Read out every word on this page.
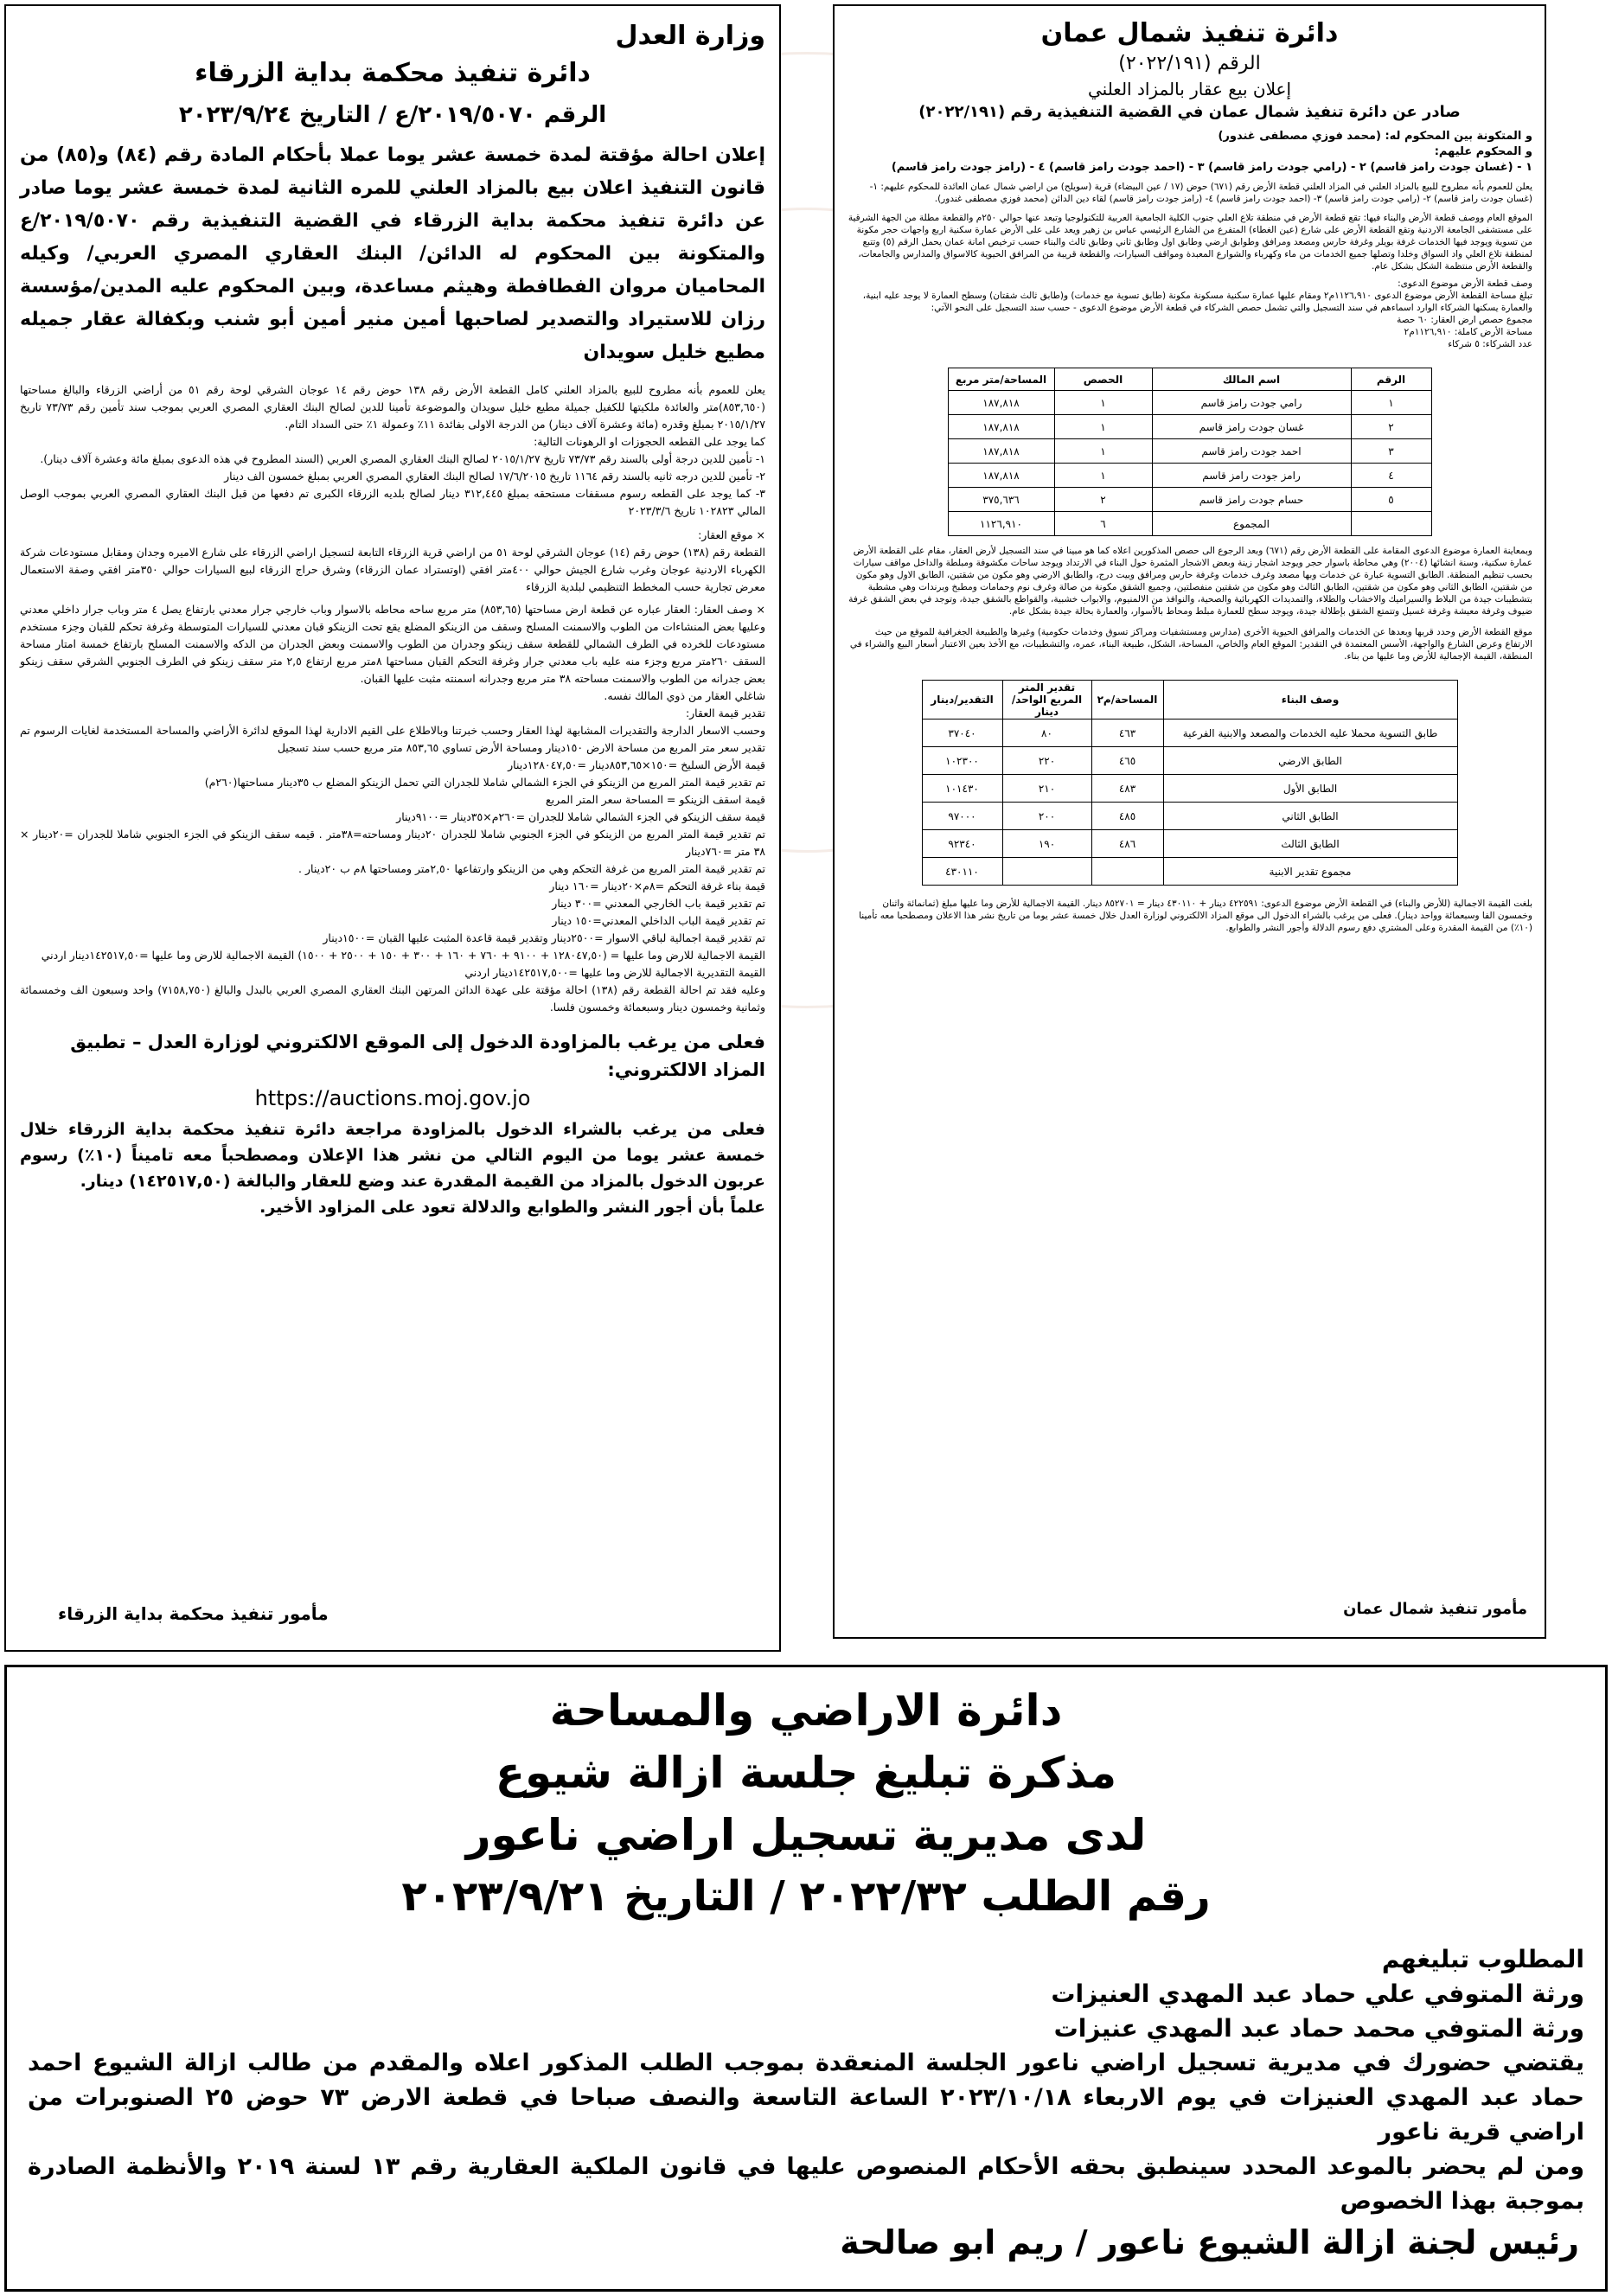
دائرة تنفيذ شمال عمان

الرقم (٢٠٢٢/١٩١)

إعلان بيع عقار بالمزاد العلني

صادر عن دائرة تنفيذ شمال عمان في القضية التنفيذية رقم (٢٠٢٢/١٩١)

و المتكونة بين المحكوم له: (محمد فوزي مصطفى غندور)

و المحكوم عليهم:

١ - (غسان جودت رامز قاسم) ٢ - (رامي جودت رامز قاسم) ٣ - (احمد جودت رامز قاسم) ٤ - (رامز جودت رامز قاسم)

يعلن للعموم بأنه مطروح للبيع بالمزاد العلني في المزاد العلني قطعة الأرض رقم (٦٧١) حوض (١٧ / عين البيضاء) قرية (سويلح) من اراضي شمال عمان العائدة للمحكوم عليهم: ١- (غسان جودت رامز قاسم) ٢- (رامي جودت رامز قاسم) ٣- (احمد جودت رامز قاسم) ٤- (رامز جودت رامز قاسم) لقاء دين الدائن (محمد فوزي مصطفى غندور).

الموقع العام ووصف قطعة الأرض والبناء فيها: تقع قطعة الأرض في منطقة تلاع العلي جنوب الكلية الجامعية العربية للتكنولوجيا وتبعد عنها حوالي ٢٥٠م والقطعة مطلة من الجهة الشرقية على مستشفى الجامعة الاردنية وتقع القطعة الأرض على شارع (عين الغطاء) المتفرع من الشارع الرئيسي عباس بن زهير ويعد على على الأرض عمارة سكنية اربع واجهات حجر مكونة من تسوية ويوجد فيها الخدمات غرفة بويلر وغرفة حارس ومصعد ومرافق وطوابق ارضي وطابق اول وطابق ثاني وطابق ثالث والبناء حسب ترخيص امانة عمان يحمل الرقم (٥) وتتبع لمنطقة تلاع العلي واد السواق وخلدا وتصلها جميع الخدمات من ماء وكهرباء والشوارع المعبدة ومواقف السيارات، والقطعة قريبة من المرافق الحيوية كالاسواق والمدارس والجامعات، والقطعة الأرض منتظمة الشكل بشكل عام.

وصف قطعة الأرض موضوع الدعوى:

تبلغ مساحة القطعة الأرض موضوع الدعوى ١١٢٦,٩١٠م٢ ومقام عليها عمارة سكنية مسكونة مكونة (طابق تسوية مع خدمات) و(طابق ثالث شقتان) وسطح العمارة لا يوجد عليه ابنية، والعمارة يسكنها الشركاء الوارد اسماءهم في سند التسجيل والتي تشمل حصص الشركاء في قطعة الأرض موضوع الدعوى - حسب سند التسجيل على النحو الآتي:

مجموع حصص ارض العقار: ٦٠ حصة

مساحة الأرض كاملة: ١١٢٦,٩١٠م٢

عدد الشركاء: ٥ شركاء

الرقم	اسم المالك	الحصص	المساحة/متر مربع
١	رامي جودت رامز قاسم	١	١٨٧,٨١٨
٢	غسان جودت رامز قاسم	١	١٨٧,٨١٨
٣	احمد جودت رامز قاسم	١	١٨٧,٨١٨
٤	رامز جودت رامز قاسم	١	١٨٧,٨١٨
٥	حسام جودت رامز قاسم	٢	٣٧٥,٦٣٦
	المجموع	٦	١١٢٦,٩١٠

وبمعاينة العمارة موضوع الدعوى المقامة على القطعة الأرض رقم (٦٧١) وبعد الرجوع الى حصص المذكورين اعلاه كما هو مبينا في سند التسجيل لأرض العقار، مقام على القطعة الأرض عمارة سكنية، وسنة انشائها (٢٠٠٤) وهي محاطة باسوار حجر ويوجد اشجار زينة وبعض الاشجار المثمرة حول البناء في الارتداد ويوجد ساحات مكشوفة ومبلطة والداخل مواقف سيارات بحسب تنظيم المنطقة. الطابق التسوية عبارة عن خدمات وبها مصعد وغرف خدمات وغرفة حارس ومرافق وبيت درج، والطابق الارضي وهو مكون من شقتين، الطابق الاول وهو مكون من شقتين، الطابق الثاني وهو مكون من شقتين، الطابق الثالث وهو مكون من شقتين منفصلتين، وجميع الشقق مكونة من صالة وغرف نوم وحمامات ومطبخ وبرندات وهي مشطبة بتشطيبات جيدة من البلاط والسيراميك والاخشاب والطلاء، والتمديدات الكهربائية والصحية، والنوافذ من الالمنيوم، والابواب خشبية، والقواطع بالشقق جيدة، وتوجد في بعض الشقق غرفة ضيوف وغرفة معيشة وغرفة غسيل وتتمتع الشقق بإطلالة جيدة، ويوجد سطح للعمارة مبلط ومحاط بالأسوار، والعمارة بحالة جيدة بشكل عام.

موقع القطعة الأرض وحدد قربها وبعدها عن الخدمات والمرافق الحيوية الأخرى (مدارس ومستشفيات ومراكز تسوق وخدمات حكومية) وغيرها والطبيعة الجغرافية للموقع من حيث الارتفاع وعرض الشارع والواجهة، الأسس المعتمدة في التقدير: الموقع العام والخاص، المساحة، الشكل، طبيعة البناء، عمره، والتشطيبات، مع الأخذ بعين الاعتبار أسعار البيع والشراء في المنطقة، القيمة الإجمالية للأرض وما عليها من بناء.

وصف البناء	المساحة/م٢	تقدير المتر المربع الواحد/دينار	التقدير/دينار
طابق التسوية محملا عليه الخدمات والمصعد والابنية الفرعية	٤٦٣	٨٠	٣٧٠٤٠
الطابق الارضي	٤٦٥	٢٢٠	١٠٢٣٠٠
الطابق الأول	٤٨٣	٢١٠	١٠١٤٣٠
الطابق الثاني	٤٨٥	٢٠٠	٩٧٠٠٠
الطابق الثالث	٤٨٦	١٩٠	٩٢٣٤٠
مجموع تقدير الابنية			٤٣٠١١٠

بلغت القيمة الاجمالية (للأرض والبناء) في القطعة الأرض موضوع الدعوى: ٤٢٢٥٩١ دينار + ٤٣٠١١٠ دينار = ٨٥٢٧٠١ دينار. القيمة الاجمالية للأرض وما عليها مبلغ (ثمانمائة واثنان وخمسون الفا وسبعمائة وواحد دينار). فعلى من يرغب بالشراء الدخول الى موقع المزاد الالكتروني لوزارة العدل خلال خمسة عشر يوما من تاريخ نشر هذا الاعلان ومصطحبا معه تأمينا (١٠٪) من القيمة المقدرة وعلى المشتري دفع رسوم الدلالة وأجور النشر والطوابع.

مأمور تنفيذ شمال عمان

وزارة العدل

دائرة تنفيذ محكمة بداية الزرقاء

الرقم ٢٠١٩/٥٠٧٠/ع / التاريخ ٢٠٢٣/٩/٢٤

إعلان احالة مؤقتة لمدة خمسة عشر يوما عملا بأحكام المادة رقم (٨٤) و(٨٥) من قانون التنفيذ اعلان بيع بالمزاد العلني للمره الثانية لمدة خمسة عشر يوما صادر عن دائرة تنفيذ محكمة بداية الزرقاء في القضية التنفيذية رقم ٢٠١٩/٥٠٧٠/ع والمتكونة بين المحكوم له الدائن/ البنك العقاري المصري العربي/ وكيله المحاميان مروان الفطافطة وهيثم مساعدة، وبين المحكوم عليه المدين/مؤسسة رزان للاستيراد والتصدير لصاحبها أمين منير أمين أبو شنب وبكفالة عقار جميله مطيع خليل سويدان

يعلن للعموم بأنه مطروح للبيع بالمزاد العلني كامل القطعة الأرض رقم ١٣٨ حوض رقم ١٤ عوجان الشرقي لوحة رقم ٥١ من أراضي الزرقاء والبالغ مساحتها (٨٥٣,٦٥٠)متر والعائدة ملكيتها للكفيل جميلة مطيع خليل سويدان والموضوعة تأمينا للدين لصالح البنك العقاري المصري العربي بموجب سند تأمين رقم ٧٣/٧٣ تاريخ ٢٠١٥/١/٢٧ بمبلغ وقدره (مائة وعشرة آلاف دينار) من الدرجة الاولى بفائدة ١١٪ وعمولة ١٪ حتى السداد التام.

كما يوجد على القطعه الحجوزات او الرهونات التالية:

١- تأمين للدين درجة أولى بالسند رقم ٧٣/٧٣ تاريخ ٢٠١٥/١/٢٧ لصالح البنك العقاري المصري العربي (السند المطروح في هذه الدعوى بمبلغ مائة وعشرة آلاف دينار).

٢- تأمين للدين درجه ثانيه بالسند رقم ١١٦٤ تاريخ ١٧/٦/٢٠١٥ لصالح البنك العقاري المصري العربي بمبلغ خمسون الف دينار

٣- كما يوجد على القطعه رسوم مسقفات مستحقه بمبلغ ٣١٢,٤٤٥ دينار لصالح بلديه الزرقاء الكبرى تم دفعها من قبل البنك العقاري المصري العربي بموجب الوصل المالي ١٠٢٨٢٣ تاريخ ٢٠٢٣/٣/٦

× موقع العقار:

القطعة رقم (١٣٨) حوض رقم (١٤) عوجان الشرقي لوحة ٥١ من اراضي قرية الزرقاء التابعة لتسجيل اراضي الزرقاء على شارع الاميره وجدان ومقابل مستودعات شركة الكهرباء الاردنية عوجان وغرب شارع الجيش حوالي ٤٠٠متر افقي (اوتستراد عمان الزرقاء) وشرق حراج الزرقاء لبيع السيارات حوالي ٣٥٠متر افقي وصفة الاستعمال معرض تجارية حسب المخطط التنظيمي لبلدية الزرقاء

× وصف العقار: العقار عباره عن قطعة ارض مساحتها (٨٥٣,٦٥) متر مربع ساحه محاطه بالاسوار وباب خارجي جرار معدني بارتفاع يصل ٤ متر وباب جرار داخلي معدني وعليها بعض المنشاءات من الطوب والاسمنت المسلح وسقف من الزينكو المضلع يقع تحت الزينكو قبان معدني للسيارات المتوسطة وغرفة تحكم للقبان وجزء مستخدم مستودعات للخرده في الطرف الشمالي للقطعة سقف زينكو وجدران من الطوب والاسمنت وبعض الجدران من الدكه والاسمنت المسلح بارتفاع خمسة امتار مساحة السقف ٢٦٠متر مربع وجزء منه عليه باب معدني جرار وغرفة التحكم القبان مساحتها ٨متر مربع ارتفاع ٢,٥ متر سقف زينكو في الطرف الجنوبي الشرقي سقف زينكو بعض جدرانه من الطوب والاسمنت مساحته ٣٨ متر مربع وجدرانه اسمنته مثبت عليها القبان.

شاغلي العقار من ذوي المالك نفسه.

تقدير قيمة العقار:

وحسب الاسعار الدارجة والتقديرات المشابهة لهذا العقار وحسب خبرتنا وبالاطلاع على القيم الادارية لهذا الموقع لدائرة الأراضي والمساحة المستخدمة لغايات الرسوم تم تقدير سعر متر المربع من مساحة الارض ١٥٠دينار ومساحة الأرض تساوي ٨٥٣,٦٥ متر مربع حسب سند تسجيل

قيمة الأرض السليخ =١٥٠×٨٥٣,٦٥دينار =١٢٨٠٤٧,٥٠دينار

تم تقدير قيمة المتر المربع من الزينكو في الجزء الشمالي شاملا للجدران التي تحمل الزينكو المضلع ب ٣٥دينار مساحتها(٢٦٠م)

قيمة اسقف الزينكو = المساحة سعر المتر المربع

قيمة سقف الزينكو في الجزء الشمالي شاملا للجدران =٢٦٠م×٣٥دينار =٩١٠٠دينار

تم تقدير قيمة المتر المربع من الزينكو في الجزء الجنوبي شاملا للجدران ٢٠دينار ومساحته=٣٨متر . قيمه سقف الزينكو في الجزء الجنوبي شاملا للجدران =٢٠دينار × ٣٨ متر =٧٦٠دينار

تم تقدير قيمة المتر المربع من غرفة التحكم وهي من الزينكو وارتفاعها ٢,٥٠متر ومساحتها ٨م ب ٢٠دينار .

قيمة بناء غرفة التحكم =٨م×٢٠دينار =١٦٠ دينار

تم تقدير قيمة باب الخارجي المعدني =٣٠٠ دينار

تم تقدير قيمة الباب الداخلي المعدني=١٥٠ دينار

تم تقدير قيمة اجمالية لباقي الاسوار =٢٥٠٠دينار وتقدير قيمة قاعدة المثبت عليها القبان =١٥٠٠دينار

القيمة الاجمالية للارض وما عليها = (١٢٨٠٤٧,٥٠ + ٩١٠٠ + ٧٦٠ + ١٦٠ + ٣٠٠ + ١٥٠ + ٢٥٠٠ + ١٥٠٠) القيمة الاجمالية للارض وما عليها =١٤٢٥١٧,٥٠دينار اردني

القيمة التقديرية الاجمالية للارض وما عليها =١٤٢٥١٧,٥٠٠دينار اردني

وعليه فقد تم احالة القطعة رقم (١٣٨) احالة مؤقتة على عهدة الدائن المرتهن البنك العقاري المصري العربي بالبدل والبالغ (٧١٥٨,٧٥٠) واحد وسبعون الف وخمسمائة وثمانية وخمسون دينار وسبعمائة وخمسون فلسا.

فعلى من يرغب بالمزاودة الدخول إلى الموقع الالكتروني لوزارة العدل – تطبيق المزاد الالكتروني:

https://auctions.moj.gov.jo

فعلى من يرغب بالشراء الدخول بالمزاودة مراجعة دائرة تنفيذ محكمة بداية الزرقاء خلال خمسة عشر يوما من اليوم التالي من نشر هذا الإعلان ومصطحباً معه تاميناً (١٠٪) رسوم عربون الدخول بالمزاد من القيمة المقدرة عند وضع للعقار والبالغة (١٤٢٥١٧,٥٠) دينار.

علماً بأن أجور النشر والطوابع والدلالة تعود على المزاود الأخير.

مأمور تنفيذ محكمة بداية الزرقاء

دائرة الاراضي والمساحة

مذكرة تبليغ جلسة ازالة شيوع

لدى مديرية تسجيل اراضي ناعور

رقم الطلب ٢٠٢٢/٣٢ / التاريخ ٢٠٢٣/٩/٢١

المطلوب تبليغهم

ورثة المتوفي علي حماد عبد المهدي العنيزات

ورثة المتوفي محمد حماد عبد المهدي عنيزات

يقتضي حضورك في مديرية تسجيل اراضي ناعور الجلسة المنعقدة بموجب الطلب المذكور اعلاه والمقدم من طالب ازالة الشيوع احمد حماد عبد المهدي العنيزات في يوم الاربعاء ٢٠٢٣/١٠/١٨ الساعة التاسعة والنصف صباحا في قطعة الارض ٧٣ حوض ٢٥ الصنوبرات من اراضي قرية ناعور

ومن لم يحضر بالموعد المحدد سينطبق بحقه الأحكام المنصوص عليها في قانون الملكية العقارية رقم ١٣ لسنة ٢٠١٩ والأنظمة الصادرة بموجبة بهذا الخصوص

رئيس لجنة ازالة الشيوع ناعور / ريم ابو صالحة
